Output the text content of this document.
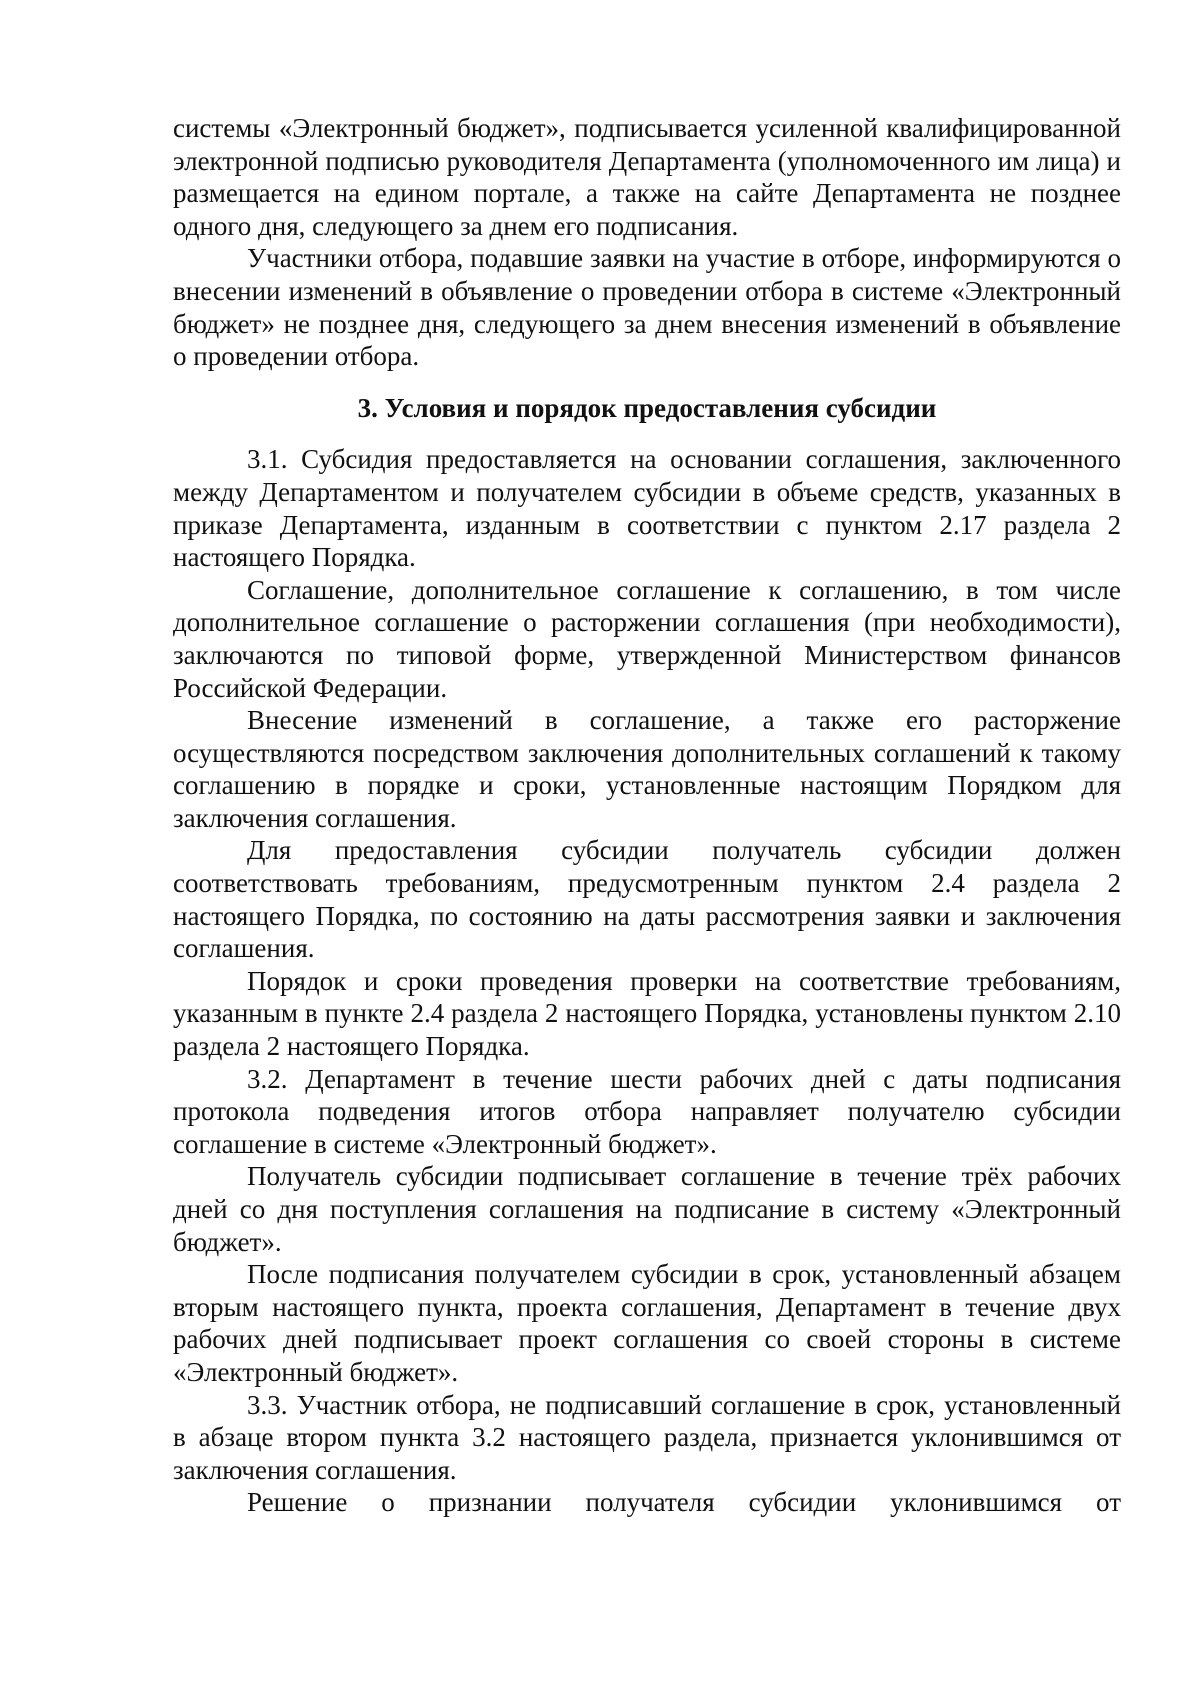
системы «Электронный бюджет», подписывается усиленной квалифицированной электронной подписью руководителя Департамента (уполномоченного им лица) и размещается на едином портале, а также на сайте Департамента не позднее одного дня, следующего за днем его подписания.

Участники отбора, подавшие заявки на участие в отборе, информируются о внесении изменений в объявление о проведении отбора в системе «Электронный бюджет» не позднее дня, следующего за днем внесения изменений в объявление о проведении отбора.

3. Условия и порядок предоставления субсидии

3.1. Субсидия предоставляется на основании соглашения, заключенного между Департаментом и получателем субсидии в объеме средств, указанных в приказе Департамента, изданным в соответствии с пунктом 2.17 раздела 2 настоящего Порядка.

Соглашение, дополнительное соглашение к соглашению, в том числе дополнительное соглашение о расторжении соглашения (при необходимости), заключаются по типовой форме, утвержденной Министерством финансов Российской Федерации.

Внесение изменений в соглашение, а также его расторжение осуществляются посредством заключения дополнительных соглашений к такому соглашению в порядке и сроки, установленные настоящим Порядком для заключения соглашения.

Для предоставления субсидии получатель субсидии должен соответствовать требованиям, предусмотренным пунктом 2.4 раздела 2 настоящего Порядка, по состоянию на даты рассмотрения заявки и заключения соглашения.

Порядок и сроки проведения проверки на соответствие требованиям, указанным в пункте 2.4 раздела 2 настоящего Порядка, установлены пунктом 2.10 раздела 2 настоящего Порядка.

3.2. Департамент в течение шести рабочих дней с даты подписания протокола подведения итогов отбора направляет получателю субсидии соглашение в системе «Электронный бюджет».

Получатель субсидии подписывает соглашение в течение трёх рабочих дней со дня поступления соглашения на подписание в систему «Электронный бюджет».

После подписания получателем субсидии в срок, установленный абзацем вторым настоящего пункта, проекта соглашения, Департамент в течение двух рабочих дней подписывает проект соглашения со своей стороны в системе «Электронный бюджет».

3.3. Участник отбора, не подписавший соглашение в срок, установленный в абзаце втором пункта 3.2 настоящего раздела, признается уклонившимся от заключения соглашения.

Решение о признании получателя субсидии уклонившимся от
